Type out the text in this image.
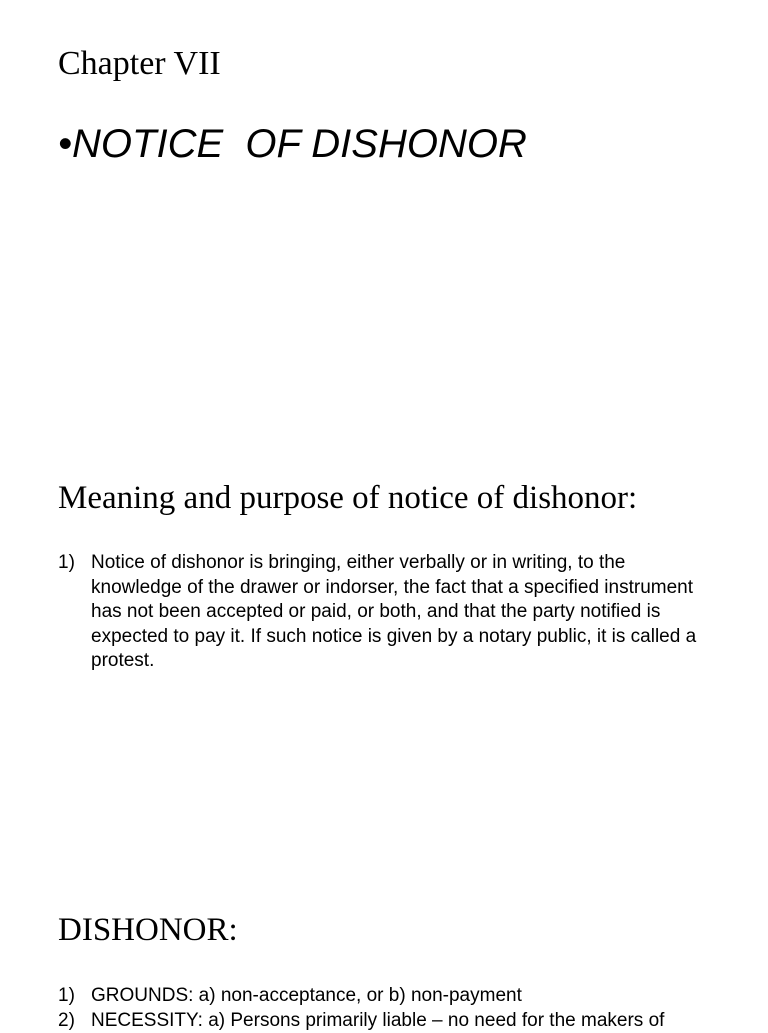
Chapter VII
•NOTICE  OF DISHONOR
Meaning and purpose of notice of dishonor:
1) Notice of dishonor is bringing, either verbally or in writing, to the knowledge of the drawer or indorser, the fact that a specified instrument has not been accepted or paid, or both, and that the party notified is expected to pay it. If such notice is given by a notary public, it is called a protest.
DISHONOR:
1) GROUNDS: a) non-acceptance, or b) non-payment
2) NECESSITY: a) Persons primarily liable – no need for the makers of
